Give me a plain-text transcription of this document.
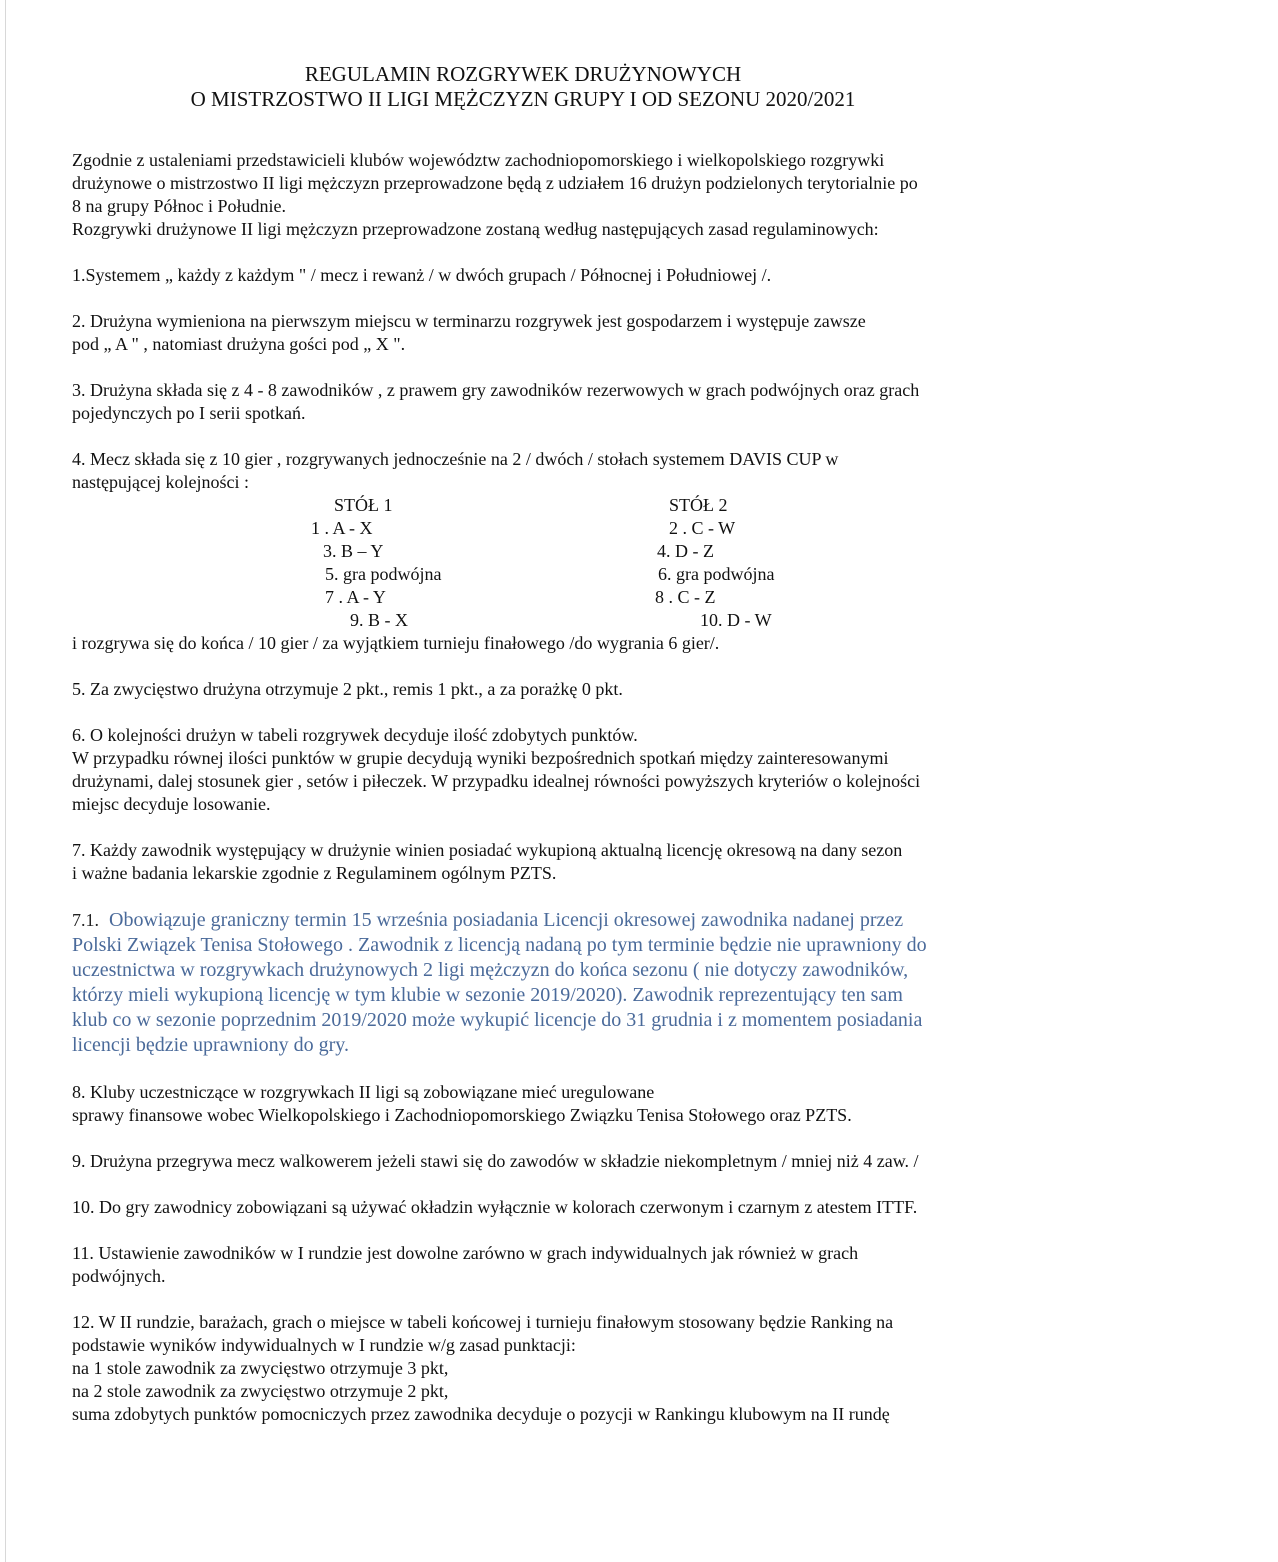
REGULAMIN ROZGRYWEK DRUŻYNOWYCH
O MISTRZOSTWO II LIGI MĘŻCZYZN GRUPY I OD SEZONU 2020/2021

Zgodnie z ustaleniami przedstawicieli klubów województw zachodniopomorskiego i wielkopolskiego rozgrywki

drużynowe o mistrzostwo II ligi mężczyzn przeprowadzone będą z udziałem 16 drużyn podzielonych terytorialnie po

8 na grupy Północ i Południe.

Rozgrywki drużynowe II ligi mężczyzn przeprowadzone zostaną według następujących zasad regulaminowych:

1.Systemem „ każdy z każdym " / mecz i rewanż / w dwóch grupach / Północnej i Południowej /.

2. Drużyna wymieniona na pierwszym miejscu w terminarzu rozgrywek jest gospodarzem i występuje zawsze

pod „ A " , natomiast drużyna gości pod „ X ".

3. Drużyna składa się z 4 - 8 zawodników , z prawem gry zawodników rezerwowych w grach podwójnych oraz grach

pojedynczych po I serii spotkań.

4. Mecz składa się z 10 gier , rozgrywanych jednocześnie na 2 / dwóch / stołach systemem DAVIS CUP w

następującej kolejności :

STÓŁ 1
1 . A - X
3. B – Y
5. gra podwójna
7 . A - Y
9. B - X
STÓŁ 2
2 . C - W
4. D - Z
6. gra podwójna
8 . C - Z
10. D - W

i rozgrywa się do końca / 10 gier / za wyjątkiem turnieju finałowego /do wygrania 6 gier/.

5. Za zwycięstwo drużyna otrzymuje 2 pkt., remis 1 pkt., a za porażkę 0 pkt.

6. O kolejności drużyn w tabeli rozgrywek decyduje ilość zdobytych punktów.

W przypadku równej ilości punktów w grupie decydują wyniki bezpośrednich spotkań między zainteresowanymi

drużynami, dalej stosunek gier , setów i piłeczek. W przypadku idealnej równości powyższych kryteriów o kolejności

miejsc decyduje losowanie.

7. Każdy zawodnik występujący w drużynie winien posiadać wykupioną aktualną licencję okresową na dany sezon

i ważne badania lekarskie zgodnie z Regulaminem ogólnym PZTS.

7.1. Obowiązuje graniczny termin 15 września posiadania Licencji okresowej zawodnika nadanej przez

Polski Związek Tenisa Stołowego . Zawodnik z licencją nadaną po tym terminie będzie nie uprawniony do

uczestnictwa w rozgrywkach drużynowych 2 ligi mężczyzn do końca sezonu ( nie dotyczy zawodników,

którzy mieli wykupioną licencję w tym klubie w sezonie 2019/2020). Zawodnik reprezentujący ten sam

klub co w sezonie poprzednim 2019/2020 może wykupić licencje do 31 grudnia i z momentem posiadania

licencji będzie uprawniony do gry.

8. Kluby uczestniczące w rozgrywkach II ligi są zobowiązane mieć uregulowane

sprawy finansowe wobec Wielkopolskiego i Zachodniopomorskiego Związku Tenisa Stołowego oraz PZTS.

9. Drużyna przegrywa mecz walkowerem jeżeli stawi się do zawodów w składzie niekompletnym / mniej niż 4 zaw. /

10. Do gry zawodnicy zobowiązani są używać okładzin wyłącznie w kolorach czerwonym i czarnym z atestem ITTF.

11. Ustawienie zawodników w I rundzie jest dowolne zarówno w grach indywidualnych jak również w grach

podwójnych.

12. W II rundzie, barażach, grach o miejsce w tabeli końcowej i turnieju finałowym stosowany będzie Ranking na

podstawie wyników indywidualnych w I rundzie w/g zasad punktacji:

na 1 stole zawodnik za zwycięstwo otrzymuje 3 pkt,

na 2 stole zawodnik za zwycięstwo otrzymuje 2 pkt,

suma zdobytych punktów pomocniczych przez zawodnika decyduje o pozycji w Rankingu klubowym na II rundę
